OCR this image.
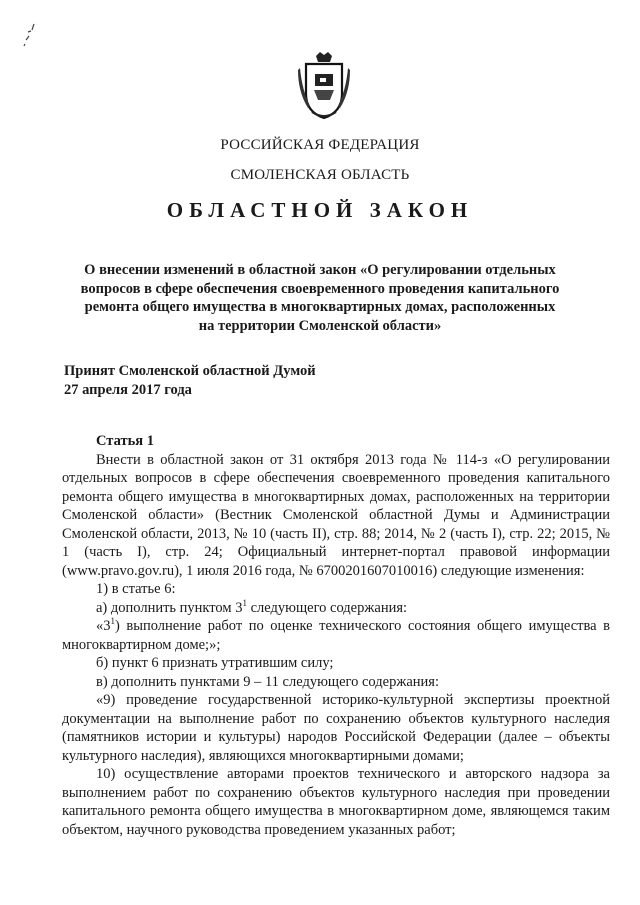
РОССИЙСКАЯ ФЕДЕРАЦИЯ
СМОЛЕНСКАЯ ОБЛАСТЬ
ОБЛАСТНОЙ ЗАКОН
О внесении изменений в областной закон «О регулировании отдельных
вопросов в сфере обеспечения своевременного проведения капитального
ремонта общего имущества в многоквартирных домах, расположенных
на территории Смоленской области»
Принят Смоленской областной Думой
27 апреля 2017 года

Статья 1

Внести в областной закон от 31 октября 2013 года № 114-з «О регулировании отдельных вопросов в сфере обеспечения своевременного проведения капитального ремонта общего имущества в многоквартирных домах, расположенных на территории Смоленской области» (Вестник Смоленской областной Думы и Администрации Смоленской области, 2013, № 10 (часть II), стр. 88; 2014, № 2 (часть I), стр. 22; 2015, № 1 (часть I), стр. 24; Официальный интернет-портал правовой информации (www.pravo.gov.ru), 1 июля 2016 года, № 6700201607010016) следующие изменения:

1) в статье 6:

а) дополнить пунктом $3^1$ следующего содержания:

«$3^1$) выполнение работ по оценке технического состояния общего имущества в многоквартирном доме;»;

б) пункт 6 признать утратившим силу;

в) дополнить пунктами 9 – 11 следующего содержания:

«9) проведение государственной историко-культурной экспертизы проектной документации на выполнение работ по сохранению объектов культурного наследия (памятников истории и культуры) народов Российской Федерации (далее – объекты культурного наследия), являющихся многоквартирными домами;

10) осуществление авторами проектов технического и авторского надзора за выполнением работ по сохранению объектов культурного наследия при проведении капитального ремонта общего имущества в многоквартирном доме, являющемся таким объектом, научного руководства проведением указанных работ;
